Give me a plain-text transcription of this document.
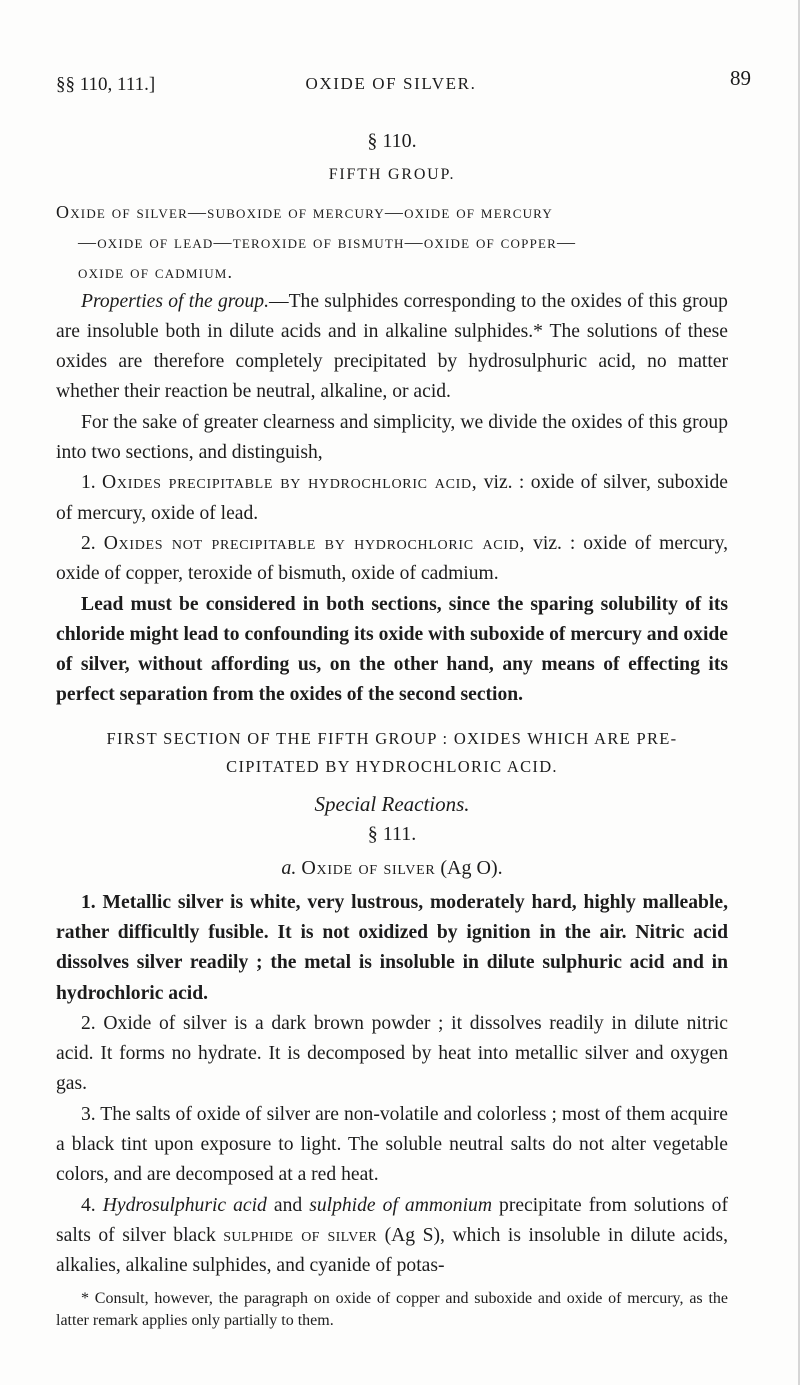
§§ 110, 111.]	OXIDE OF SILVER.	89
§ 110.
FIFTH GROUP.
Oxide of silver—suboxide of mercury—oxide of mercury

—oxide of lead—teroxide of bismuth—oxide of copper—
oxide of cadmium.

Properties of the group.—The sulphides corresponding to the oxides of this group are insoluble both in dilute acids and in alkaline sulphides.* The solutions of these oxides are therefore completely precipitated by hydrosulphuric acid, no matter whether their reaction be neutral, alkaline, or acid.

For the sake of greater clearness and simplicity, we divide the oxides of this group into two sections, and distinguish,

1. Oxides precipitable by hydrochloric acid, viz. : oxide of silver, suboxide of mercury, oxide of lead.

2. Oxides not precipitable by hydrochloric acid, viz. : oxide of mercury, oxide of copper, teroxide of bismuth, oxide of cadmium.

Lead must be considered in both sections, since the sparing solubility of its chloride might lead to confounding its oxide with suboxide of mercury and oxide of silver, without affording us, on the other hand, any means of effecting its perfect separation from the oxides of the second section.

FIRST SECTION OF THE FIFTH GROUP : OXIDES WHICH ARE PRE-
CIPITATED BY HYDROCHLORIC ACID.
Special Reactions.
§ 111.
a. Oxide of silver (Ag O).

1. Metallic silver is white, very lustrous, moderately hard, highly malleable, rather difficultly fusible. It is not oxidized by ignition in the air. Nitric acid dissolves silver readily ; the metal is insoluble in dilute sulphuric acid and in hydrochloric acid.

2. Oxide of silver is a dark brown powder ; it dissolves readily in dilute nitric acid. It forms no hydrate. It is decomposed by heat into metallic silver and oxygen gas.

3. The salts of oxide of silver are non-volatile and colorless ; most of them acquire a black tint upon exposure to light. The soluble neutral salts do not alter vegetable colors, and are decomposed at a red heat.

4. Hydrosulphuric acid and sulphide of ammonium precipitate from solutions of salts of silver black sulphide of silver (Ag S), which is insoluble in dilute acids, alkalies, alkaline sulphides, and cyanide of potas-

* Consult, however, the paragraph on oxide of copper and suboxide and oxide of mercury, as the latter remark applies only partially to them.
